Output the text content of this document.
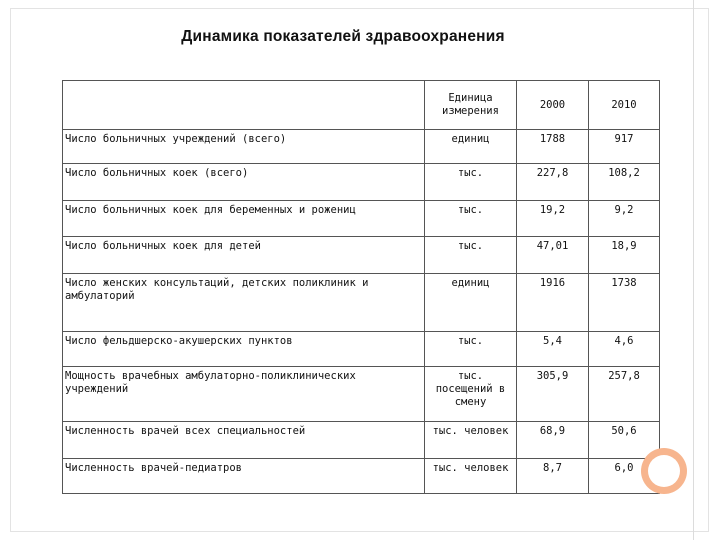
Динамика показателей здравоохранения
	Единица измерения	2000	2010
Число больничных учреждений (всего)	единиц	1788	917
Число больничных коек (всего)	тыс.	227,8	108,2
Число больничных коек для беременных и рожениц	тыс.	19,2	9,2
Число больничных коек для детей	тыс.	47,01	18,9
Число женских консультаций, детских поликлиник и амбулаторий	единиц	1916	1738
Число фельдшерско-акушерских пунктов	тыс.	5,4	4,6
Мощность врачебных амбулаторно-поликлинических учреждений	тыс. посещений в смену	305,9	257,8
Численность врачей всех специальностей	тыс. человек	68,9	50,6
Численность врачей-педиатров	тыс. человек	8,7	6,0
